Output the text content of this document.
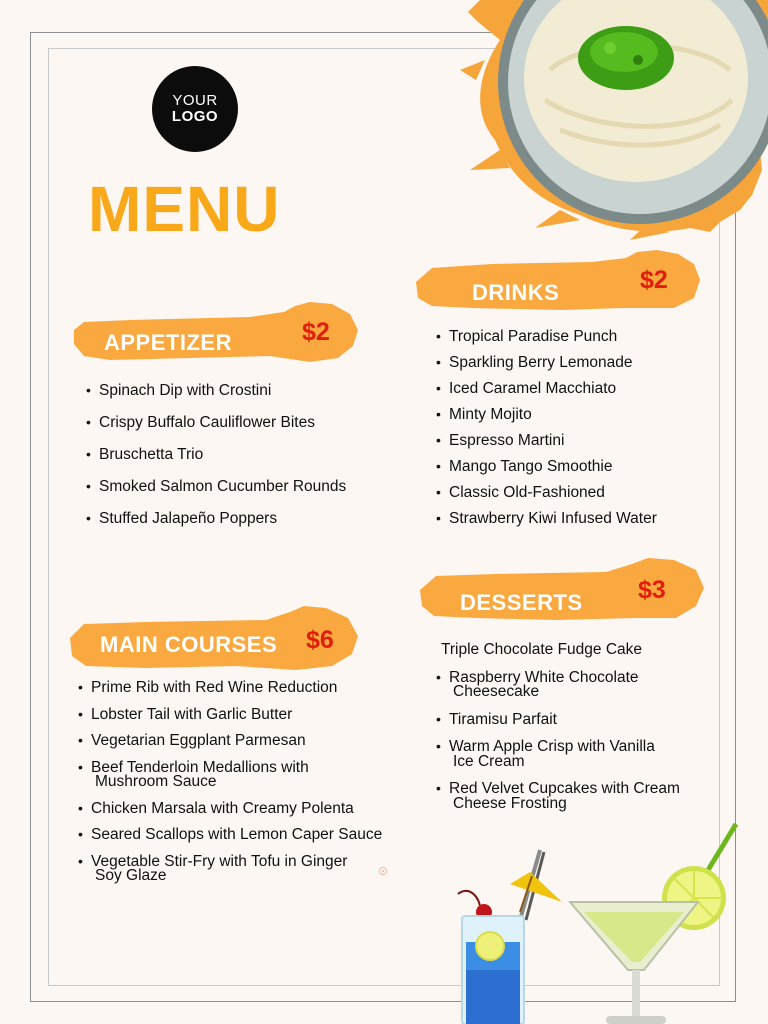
YOUR
LOGO
MENU
APPETIZER	$2
• Spinach Dip with Crostini
• Crispy Buffalo Cauliflower Bites
• Bruschetta Trio
• Smoked Salmon Cucumber Rounds
• Stuffed Jalapeño Poppers
DRINKS	$2
• Tropical Paradise Punch
• Sparkling Berry Lemonade
• Iced Caramel Macchiato
• Minty Mojito
• Espresso Martini
• Mango Tango Smoothie
• Classic Old-Fashioned
• Strawberry Kiwi Infused Water
MAIN COURSES $6
• Prime Rib with Red Wine Reduction
• Lobster Tail with Garlic Butter
• Vegetarian Eggplant Parmesan
• Beef Tenderloin Medallions with
Mushroom Sauce
• Chicken Marsala with Creamy Polenta
• Seared Scallops with Lemon Caper Sauce
• Vegetable Stir-Fry with Tofu in Ginger
Soy Glaze
DESSERTS $3
Triple Chocolate Fudge Cake
• Raspberry White Chocolate
Cheesecake
• Tiramisu Parfait
• Warm Apple Crisp with Vanilla
Ice Cream
• Red Velvet Cupcakes with Cream
Cheese Frosting
